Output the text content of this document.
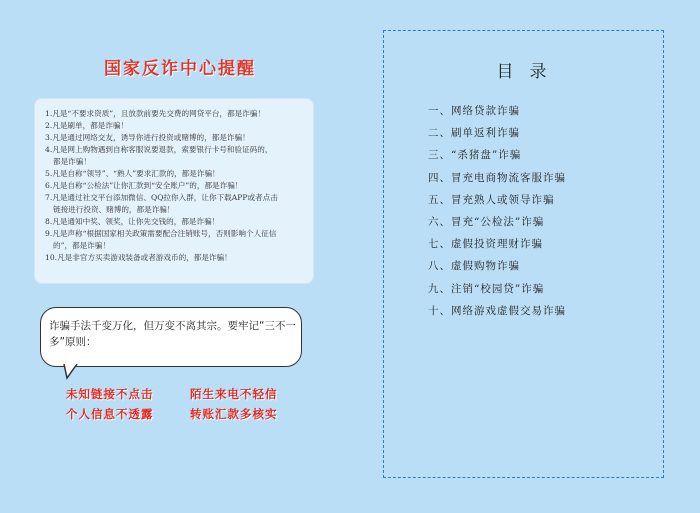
国家反诈中心提醒
1.凡是“不要求资质”，且放款前要先交费的网贷平台，都是诈骗！
2.凡是刷单，都是诈骗！
3.凡是通过网络交友，诱导你进行投资或赌博的，都是诈骗！
4.凡是网上购物遇到自称客服说要退款，索要银行卡号和验证码的，
都是诈骗！
5.凡是自称“领导”、“熟人”要求汇款的，都是诈骗！
6.凡是自称“公检法”让你汇款到“安全账户”的，都是诈骗！
7.凡是通过社交平台添加微信、QQ拉你入群，让你下载APP或者点击
链接进行投资、赌博的，都是诈骗！
8.凡是通知中奖、领奖，让你先交钱的，都是诈骗！
9.凡是声称“根据国家相关政策需要配合注销账号，否则影响个人征信
的”，都是诈骗！
10.凡是非官方买卖游戏装备或者游戏币的，都是诈骗！
诈骗手法千变万化，但万变不离其宗。要牢记“三不一多”原则：
未知链接不点击	陌生来电不轻信
个人信息不透露	转账汇款多核实
目录
一、网络贷款诈骗
二、刷单返利诈骗
三、“杀猪盘”诈骗
四、冒充电商物流客服诈骗
五、冒充熟人或领导诈骗
六、冒充“公检法”诈骗
七、虚假投资理财诈骗
八、虚假购物诈骗
九、注销“校园贷”诈骗
十、网络游戏虚假交易诈骗
